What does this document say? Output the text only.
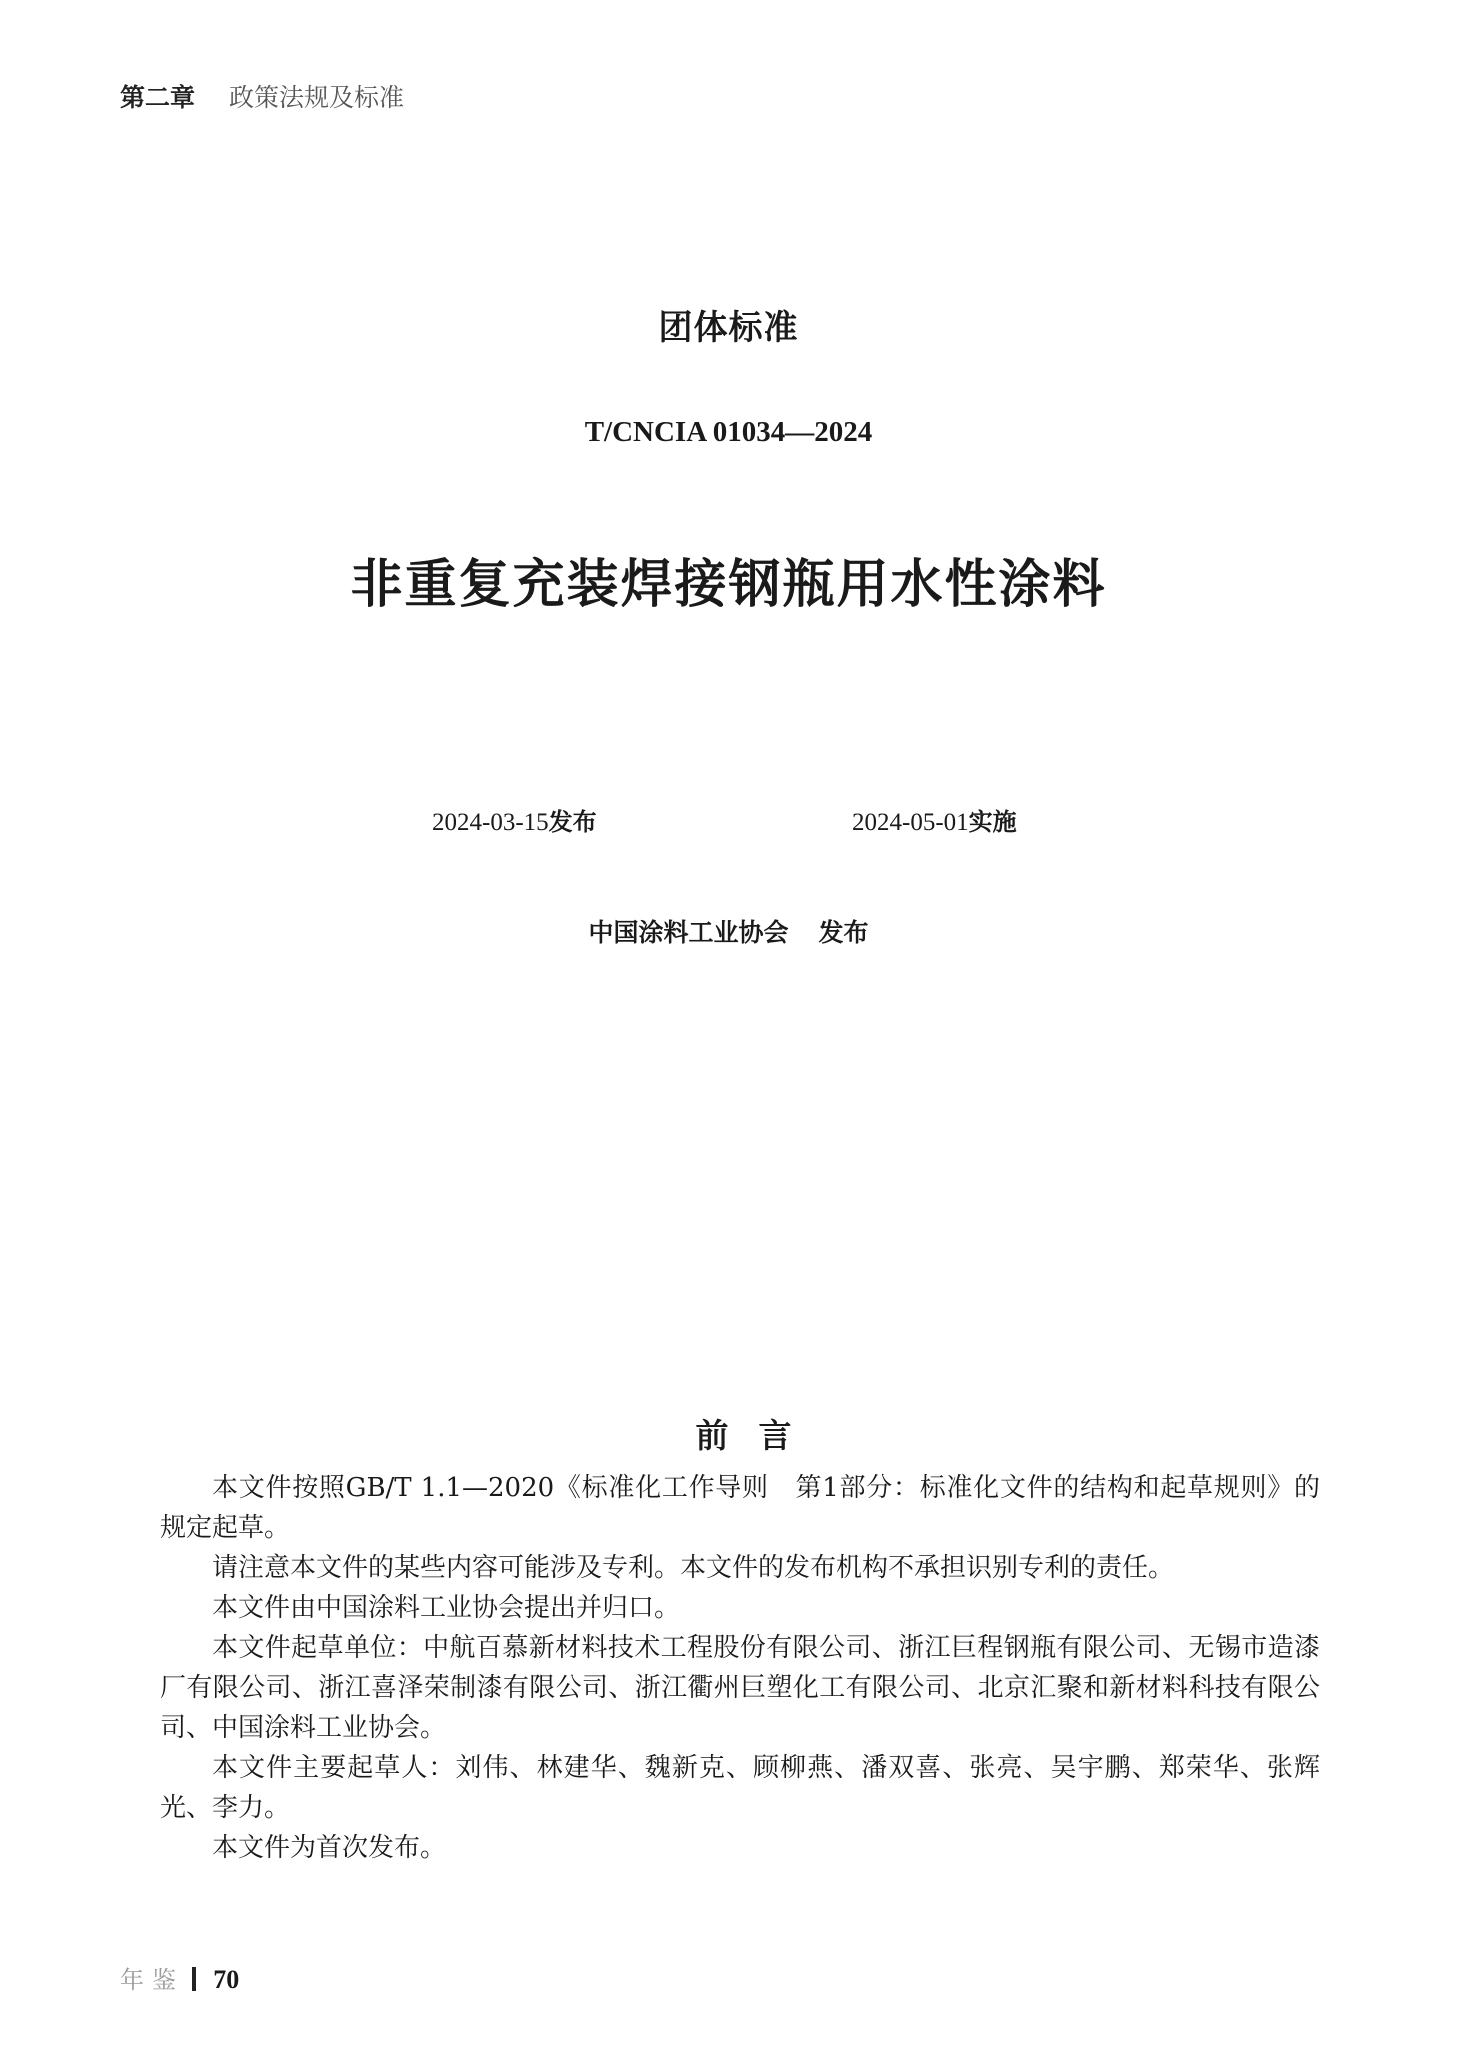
第二章 政策法规及标准
团体标准
T/CNCIA 01034—2024
非重复充装焊接钢瓶用水性涂料
2024-03-15发布	2024-05-01实施
中国涂料工业协会 发布
前言

本文件按照GB/T 1.1—2020《标准化工作导则　第1部分：标准化文件的结构和起草规则》的规定起草。

请注意本文件的某些内容可能涉及专利。本文件的发布机构不承担识别专利的责任。

本文件由中国涂料工业协会提出并归口。

本文件起草单位：中航百慕新材料技术工程股份有限公司、浙江巨程钢瓶有限公司、无锡市造漆厂有限公司、浙江喜泽荣制漆有限公司、浙江衢州巨塑化工有限公司、北京汇聚和新材料科技有限公司、中国涂料工业协会。

本文件主要起草人：刘伟、林建华、魏新克、顾柳燕、潘双喜、张亮、吴宇鹏、郑荣华、张辉光、李力。

本文件为首次发布。

年鉴 70
